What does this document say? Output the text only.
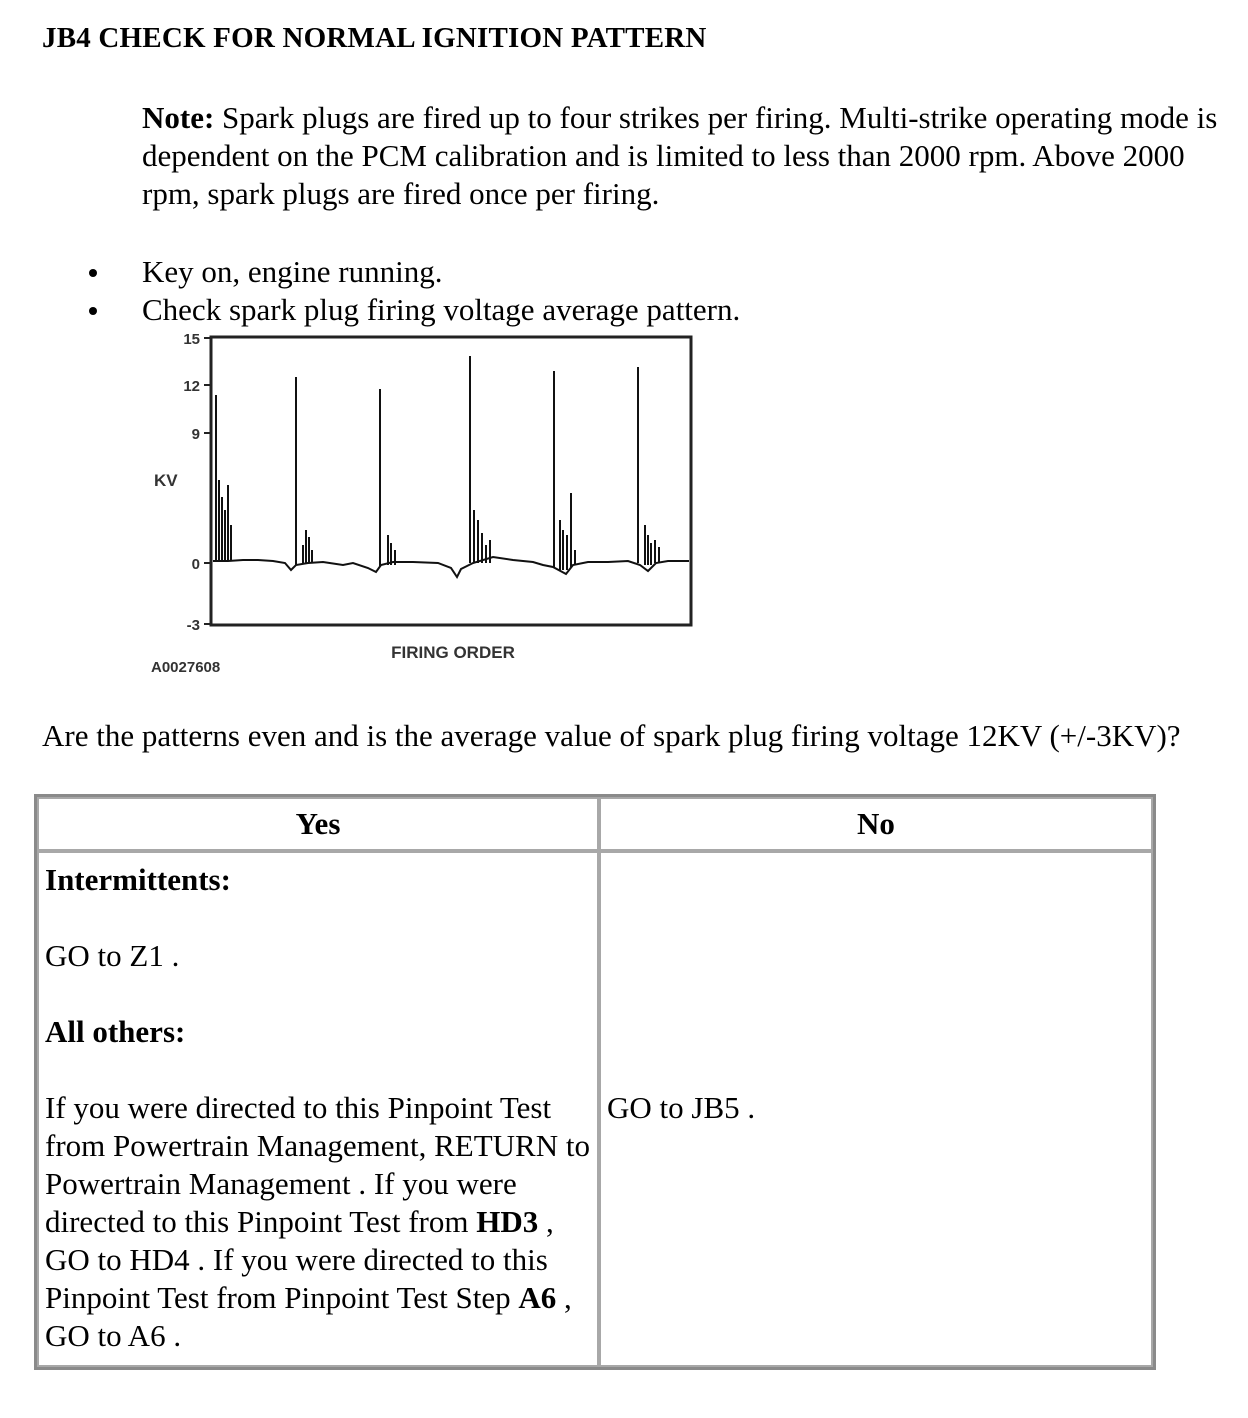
JB4 CHECK FOR NORMAL IGNITION PATTERN
Note: Spark plugs are fired up to four strikes per firing. Multi-strike operating mode is dependent on the PCM calibration and is limited to less than 2000 rpm. Above 2000 rpm, spark plugs are fired once per firing.
Key on, engine running.
Check spark plug firing voltage average pattern.
15
12
9
0
-3
KV
FIRING ORDER
A0027608
Are the patterns even and is the average value of spark plug firing voltage 12KV (+/-3KV)?
Yes	No

Intermittents:

GO to Z1 .

All others:

If you were directed to this Pinpoint Test from Powertrain Management, RETURN to Powertrain Management . If you were directed to this Pinpoint Test from HD3 , GO to HD4 . If you were directed to this Pinpoint Test from Pinpoint Test Step A6 , GO to A6 .	GO to JB5 .
